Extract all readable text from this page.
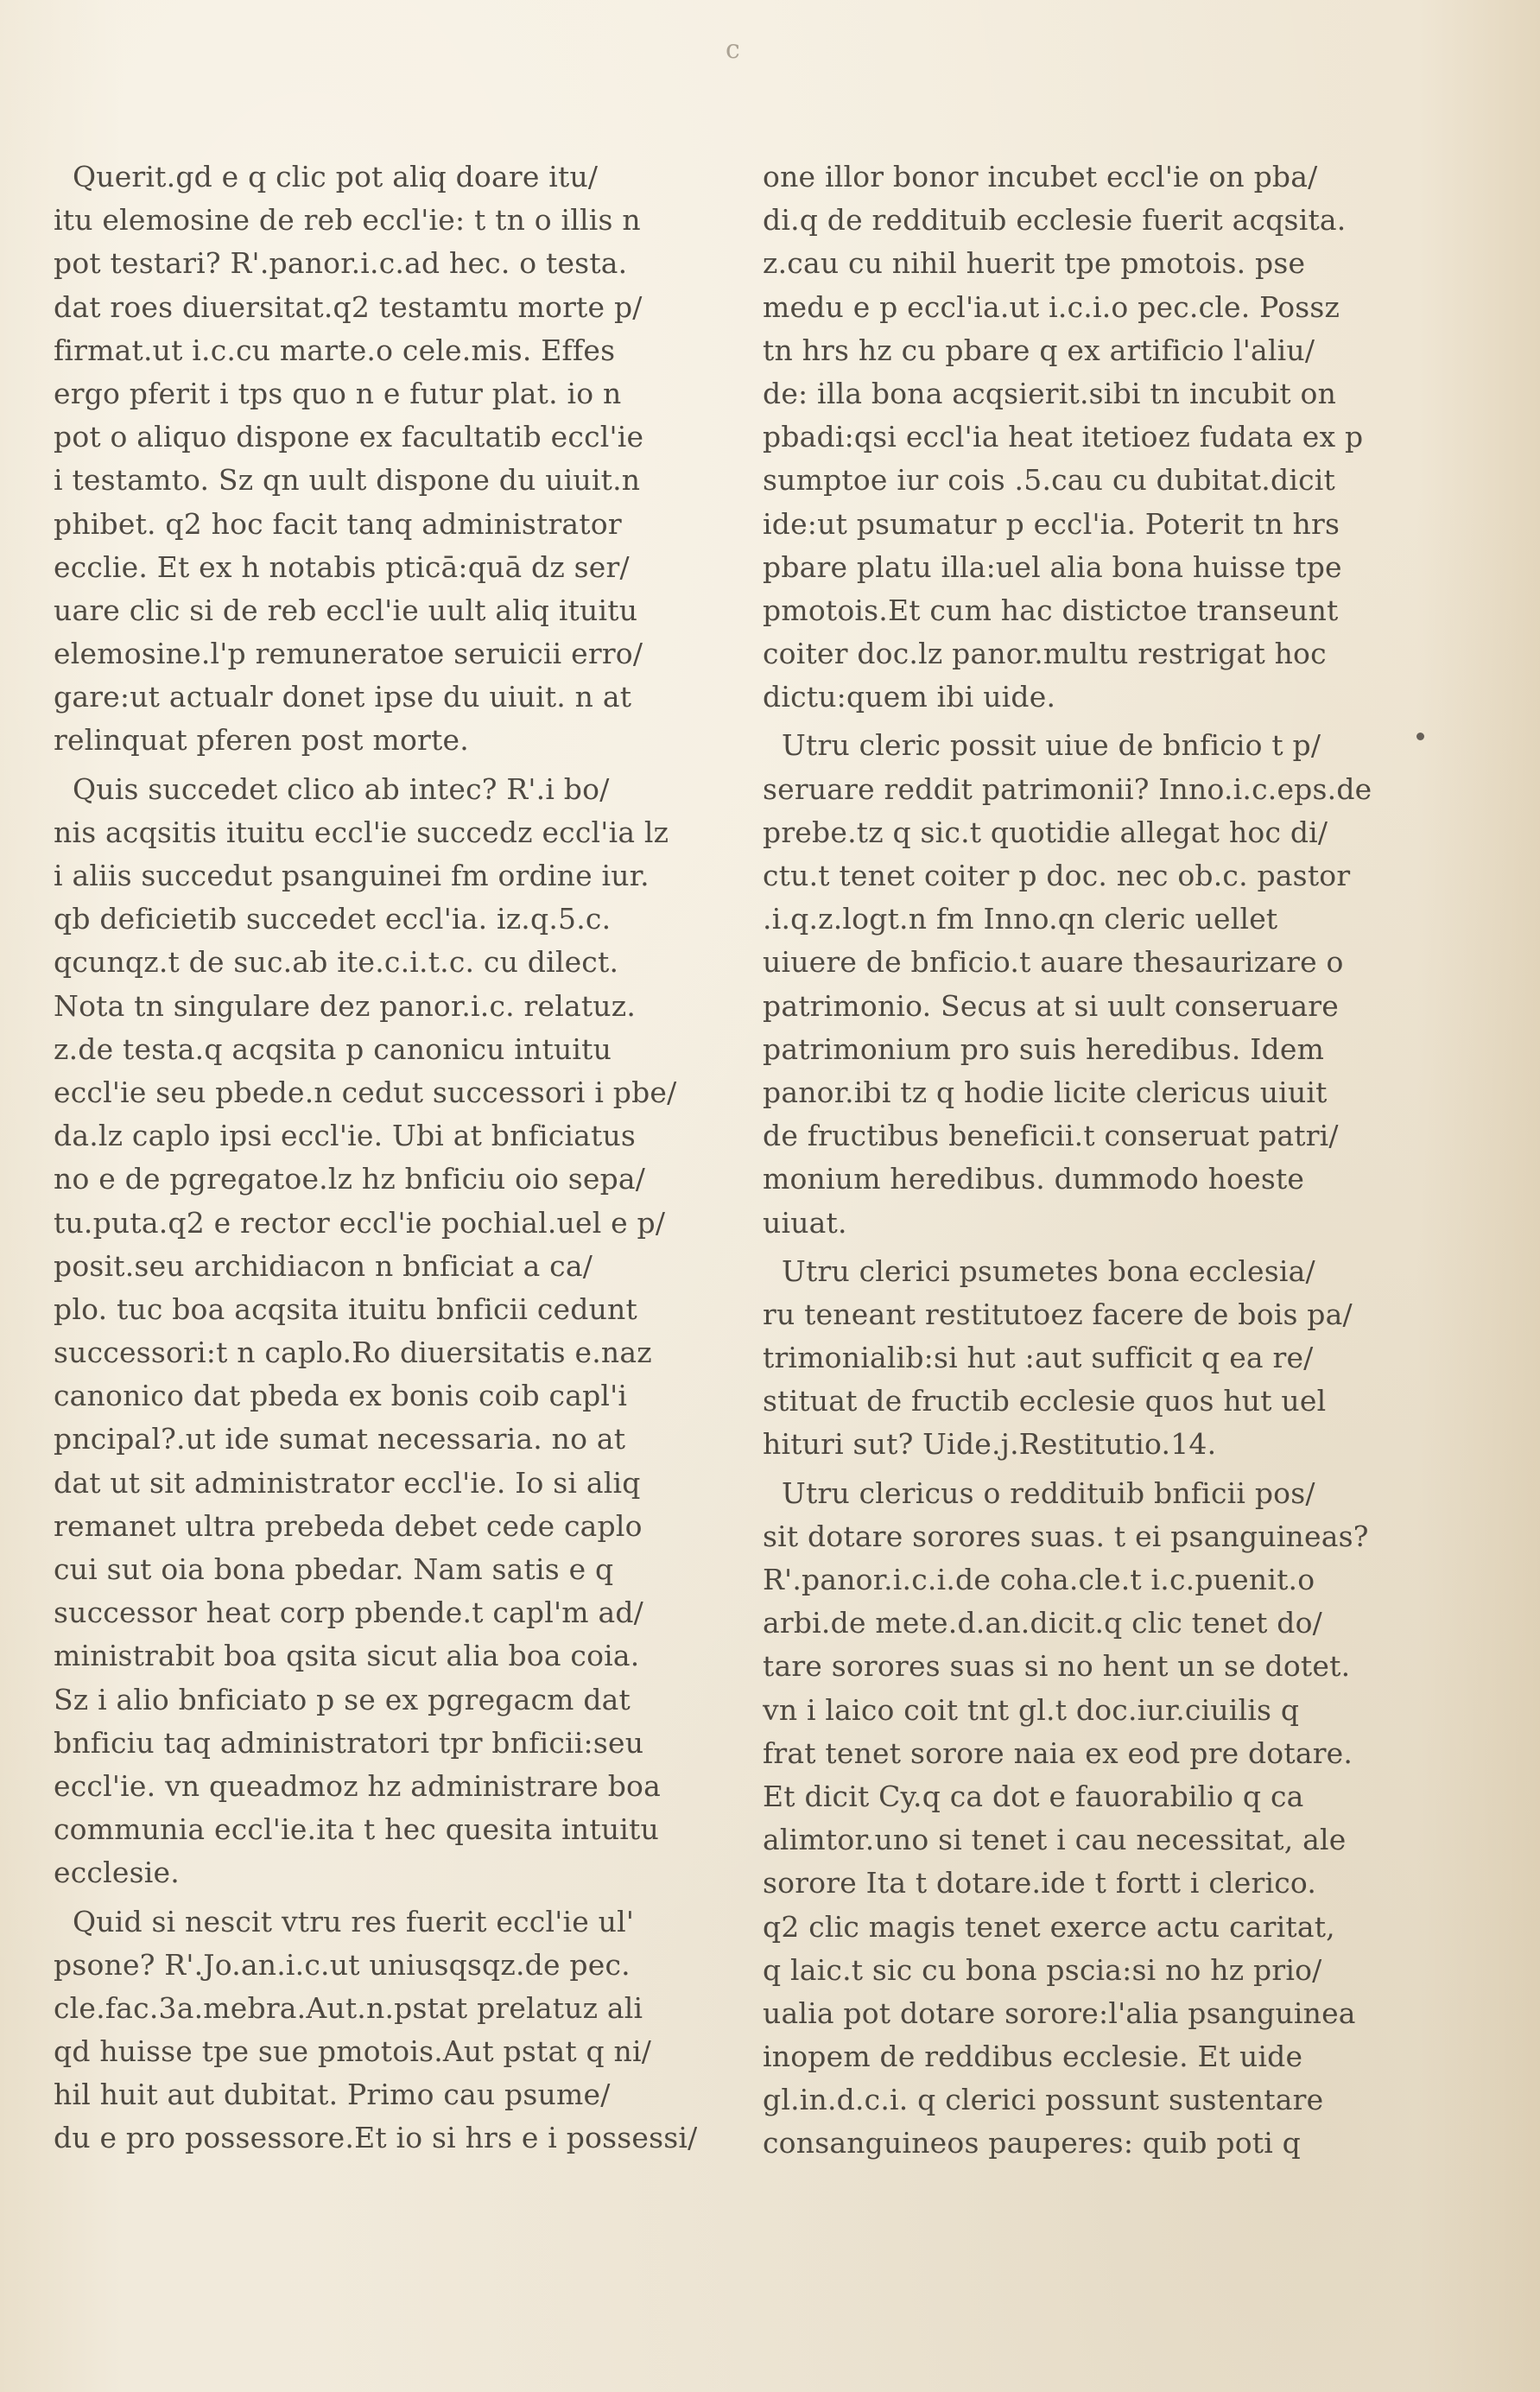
c
Querit.gd e q clic pot aliq doare itu/
itu elemosine de reb eccl'ie: t tn o illis n
pot testari? R'.panor.i.c.ad hec. o testa.
dat roes diuersitat.q2 testamtu morte p/
firmat.ut i.c.cu marte.o cele.mis. Effes
ergo pferit i tps quo n e futur plat. io n
pot o aliquo dispone ex facultatib eccl'ie
i testamto. Sz qn uult dispone du uiuit.n
phibet. q2 hoc facit tanq administrator
ecclie. Et ex h notabis pticā:quā dz ser/
uare clic si de reb eccl'ie uult aliq ituitu
elemosine.l'p remuneratoe seruicii erro/
gare:ut actualr donet ipse du uiuit. n at
relinquat pferen post morte.
Quis succedet clico ab intec? R'.i bo/
nis acqsitis ituitu eccl'ie succedz eccl'ia lz
i aliis succedut psanguinei fm ordine iur.
qb deficietib succedet eccl'ia. iz.q.5.c.
qcunqz.t de suc.ab ite.c.i.t.c. cu dilect.
Nota tn singulare dez panor.i.c. relatuz.
z.de testa.q acqsita p canonicu intuitu
eccl'ie seu pbede.n cedut successori i pbe/
da.lz caplo ipsi eccl'ie. Ubi at bnficiatus
no e de pgregatoe.lz hz bnficiu oio sepa/
tu.puta.q2 e rector eccl'ie pochial.uel e p/
posit.seu archidiacon n bnficiat a ca/
plo. tuc boa acqsita ituitu bnficii cedunt
successori:t n caplo.Ro diuersitatis e.naz
canonico dat pbeda ex bonis coib capl'i
pncipal?.ut ide sumat necessaria. no at
dat ut sit administrator eccl'ie. Io si aliq
remanet ultra prebeda debet cede caplo
cui sut oia bona pbedar. Nam satis e q
successor heat corp pbende.t capl'm ad/
ministrabit boa qsita sicut alia boa coia.
Sz i alio bnficiato p se ex pgregacm dat
bnficiu taq administratori tpr bnficii:seu
eccl'ie. vn queadmoz hz administrare boa
communia eccl'ie.ita t hec quesita intuitu
ecclesie.
Quid si nescit vtru res fuerit eccl'ie ul'
psone? R'.Jo.an.i.c.ut uniusqsqz.de pec.
cle.fac.3a.mebra.Aut.n.pstat prelatuz ali
qd huisse tpe sue pmotois.Aut pstat q ni/
hil huit aut dubitat. Primo cau psume/
du e pro possessore.Et io si hrs e i possessi/
one illor bonor incubet eccl'ie on pba/
di.q de reddituib ecclesie fuerit acqsita.
z.cau cu nihil huerit tpe pmotois. pse
medu e p eccl'ia.ut i.c.i.o pec.cle. Possz
tn hrs hz cu pbare q ex artificio l'aliu/
de: illa bona acqsierit.sibi tn incubit on
pbadi:qsi eccl'ia heat itetioez fudata ex p
sumptoe iur cois .5.cau cu dubitat.dicit
ide:ut psumatur p eccl'ia. Poterit tn hrs
pbare platu illa:uel alia bona huisse tpe
pmotois.Et cum hac distictoe transeunt
coiter doc.lz panor.multu restrigat hoc
dictu:quem ibi uide.
Utru cleric possit uiue de bnficio t p/
seruare reddit patrimonii? Inno.i.c.eps.de
prebe.tz q sic.t quotidie allegat hoc di/
ctu.t tenet coiter p doc. nec ob.c. pastor
.i.q.z.logt.n fm Inno.qn cleric uellet
uiuere de bnficio.t auare thesaurizare o
patrimonio. Secus at si uult conseruare
patrimonium pro suis heredibus. Idem
panor.ibi tz q hodie licite clericus uiuit
de fructibus beneficii.t conseruat patri/
monium heredibus. dummodo hoeste
uiuat.
Utru clerici psumetes bona ecclesia/
ru teneant restitutoez facere de bois pa/
trimonialib:si hut :aut sufficit q ea re/
stituat de fructib ecclesie quos hut uel
hituri sut? Uide.j.Restitutio.14.
Utru clericus o reddituib bnficii pos/
sit dotare sorores suas. t ei psanguineas?
R'.panor.i.c.i.de coha.cle.t i.c.puenit.o
arbi.de mete.d.an.dicit.q clic tenet do/
tare sorores suas si no hent un se dotet.
vn i laico coit tnt gl.t doc.iur.ciuilis q
frat tenet sorore naia ex eod pre dotare.
Et dicit Cy.q ca dot e fauorabilio q ca
alimtor.uno si tenet i cau necessitat, ale
sorore Ita t dotare.ide t fortt i clerico.
q2 clic magis tenet exerce actu caritat,
q laic.t sic cu bona pscia:si no hz prio/
ualia pot dotare sorore:l'alia psanguinea
inopem de reddibus ecclesie. Et uide
gl.in.d.c.i. q clerici possunt sustentare
consanguineos pauperes: quib poti q
